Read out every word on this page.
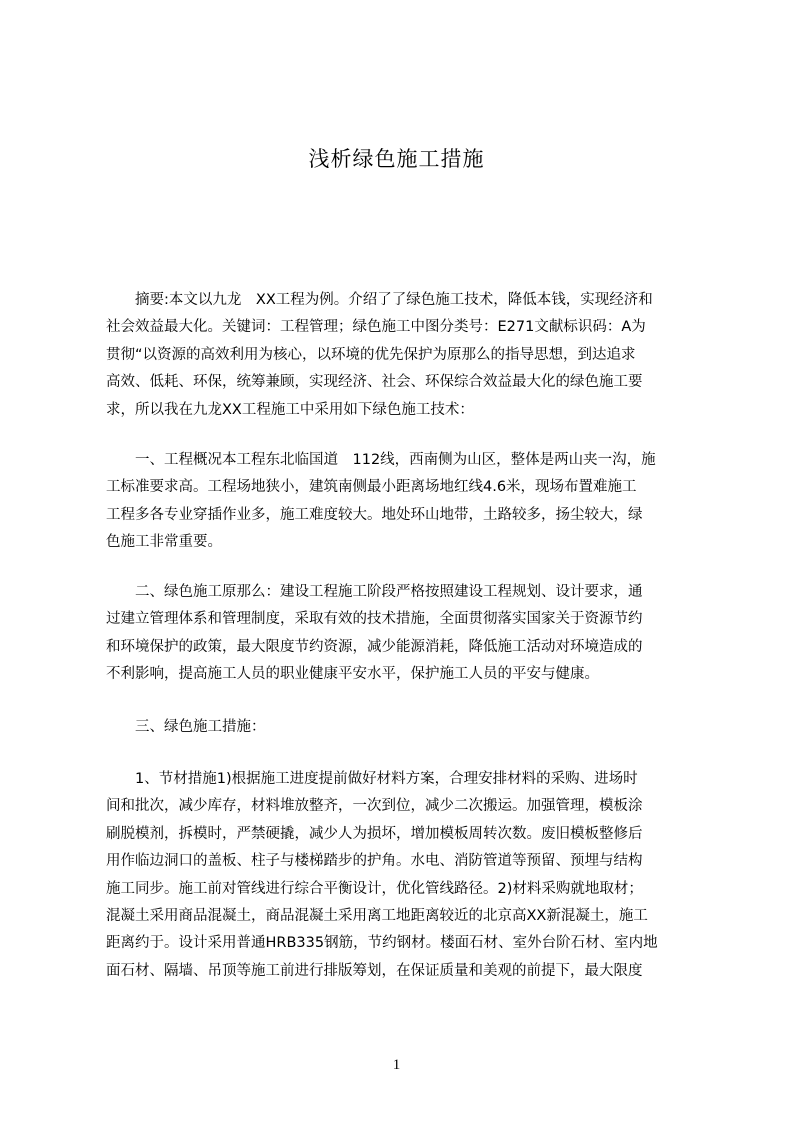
浅析绿色施工措施
　　摘要:本文以九龙　XX工程为例。介绍了了绿色施工技术，降低本钱，实现经济和
社会效益最大化。关键词：工程管理；绿色施工中图分类号：E271文献标识码：A为
贯彻“以资源的高效利用为核心，以环境的优先保护为原那么的指导思想，到达追求
高效、低耗、环保，统筹兼顾，实现经济、社会、环保综合效益最大化的绿色施工要
求，所以我在九龙XX工程施工中采用如下绿色施工技术：
　　一、工程概况本工程东北临国道　112线，西南侧为山区，整体是两山夹一沟，施
工标准要求高。工程场地狭小，建筑南侧最小距离场地红线4.6米，现场布置难施工
工程多各专业穿插作业多，施工难度较大。地处环山地带，土路较多，扬尘较大，绿
色施工非常重要。
　　二、绿色施工原那么：建设工程施工阶段严格按照建设工程规划、设计要求，通
过建立管理体系和管理制度，采取有效的技术措施，全面贯彻落实国家关于资源节约
和环境保护的政策，最大限度节约资源，减少能源消耗，降低施工活动对环境造成的
不利影响，提高施工人员的职业健康平安水平，保护施工人员的平安与健康。
　　三、绿色施工措施：
　　1、节材措施1)根据施工进度提前做好材料方案，合理安排材料的采购、进场时
间和批次，减少库存，材料堆放整齐，一次到位，减少二次搬运。加强管理，模板涂
刷脱模剂，拆模时，严禁硬撬，减少人为损坏，增加模板周转次数。废旧模板整修后
用作临边洞口的盖板、柱子与楼梯踏步的护角。水电、消防管道等预留、预埋与结构
施工同步。施工前对管线进行综合平衡设计，优化管线路径。2)材料采购就地取材；
混凝土采用商品混凝土，商品混凝土采用离工地距离较近的北京高XX新混凝土，施工
距离约于。设计采用普通HRB335钢筋，节约钢材。楼面石材、室外台阶石材、室内地
面石材、隔墙、吊顶等施工前进行排版筹划，在保证质量和美观的前提下，最大限度
1
